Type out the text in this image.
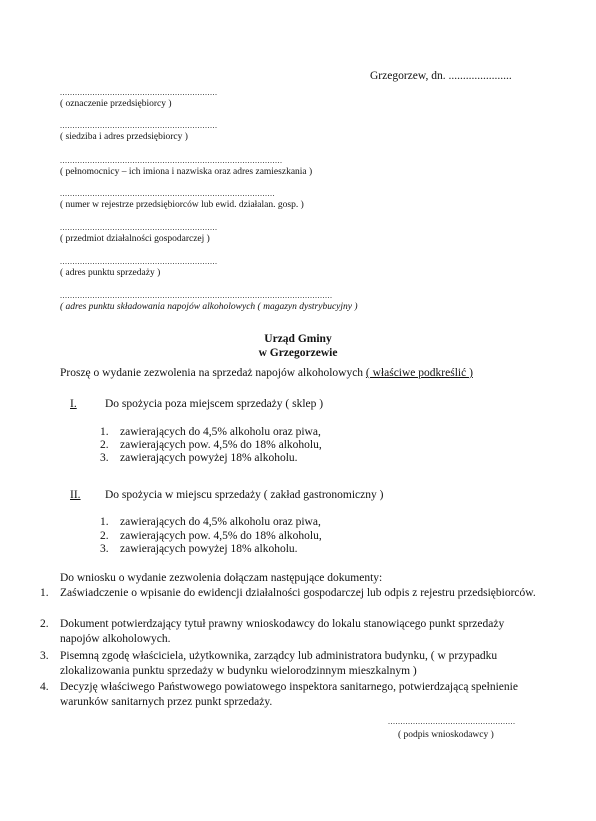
Grzegorzew, dn. ......................
...............................................................
( oznaczenie przedsiębiorcy )
...............................................................
( siedziba i adres przedsiębiorcy )
.........................................................................................
( pełnomocnicy – ich imiona i nazwiska oraz adres zamieszkania )
......................................................................................
( numer w rejestrze przedsiębiorców lub ewid. działalan. gosp. )
...............................................................
( przedmiot działalności gospodarczej )
...............................................................
( adres punktu sprzedaży )
.............................................................................................................
( adres punktu składowania napojów alkoholowych ( magazyn dystrybucyjny )
Urząd Gminy
w Grzegorzewie
Proszę o wydanie zezwolenia na sprzedaż napojów alkoholowych ( właściwe podkreślić )
I. Do spożycia poza miejscem sprzedaży ( sklep )
1. zawierających do 4,5% alkoholu oraz piwa,
2. zawierających pow. 4,5% do 18% alkoholu,
3. zawierających powyżej 18% alkoholu.
II. Do spożycia w miejscu sprzedaży ( zakład gastronomiczny )
1. zawierających do 4,5% alkoholu oraz piwa,
2. zawierających pow. 4,5% do 18% alkoholu,
3. zawierających powyżej 18% alkoholu.
Do wniosku o wydanie zezwolenia dołączam następujące dokumenty:
1. Zaświadczenie o wpisanie do ewidencji działalności gospodarczej lub odpis z rejestru przedsiębiorców.
2. Dokument potwierdzający tytuł prawny wnioskodawcy do lokalu stanowiącego punkt sprzedaży napojów alkoholowych.
3. Pisemną zgodę właściciela, użytkownika, zarządcy lub administratora budynku, ( w przypadku zlokalizowania punktu sprzedaży w budynku wielorodzinnym mieszkalnym )
4. Decyzję właściwego Państwowego powiatowego inspektora sanitarnego, potwierdzającą spełnienie warunków sanitarnych przez punkt sprzedaży.
...................................................
( podpis wnioskodawcy )
